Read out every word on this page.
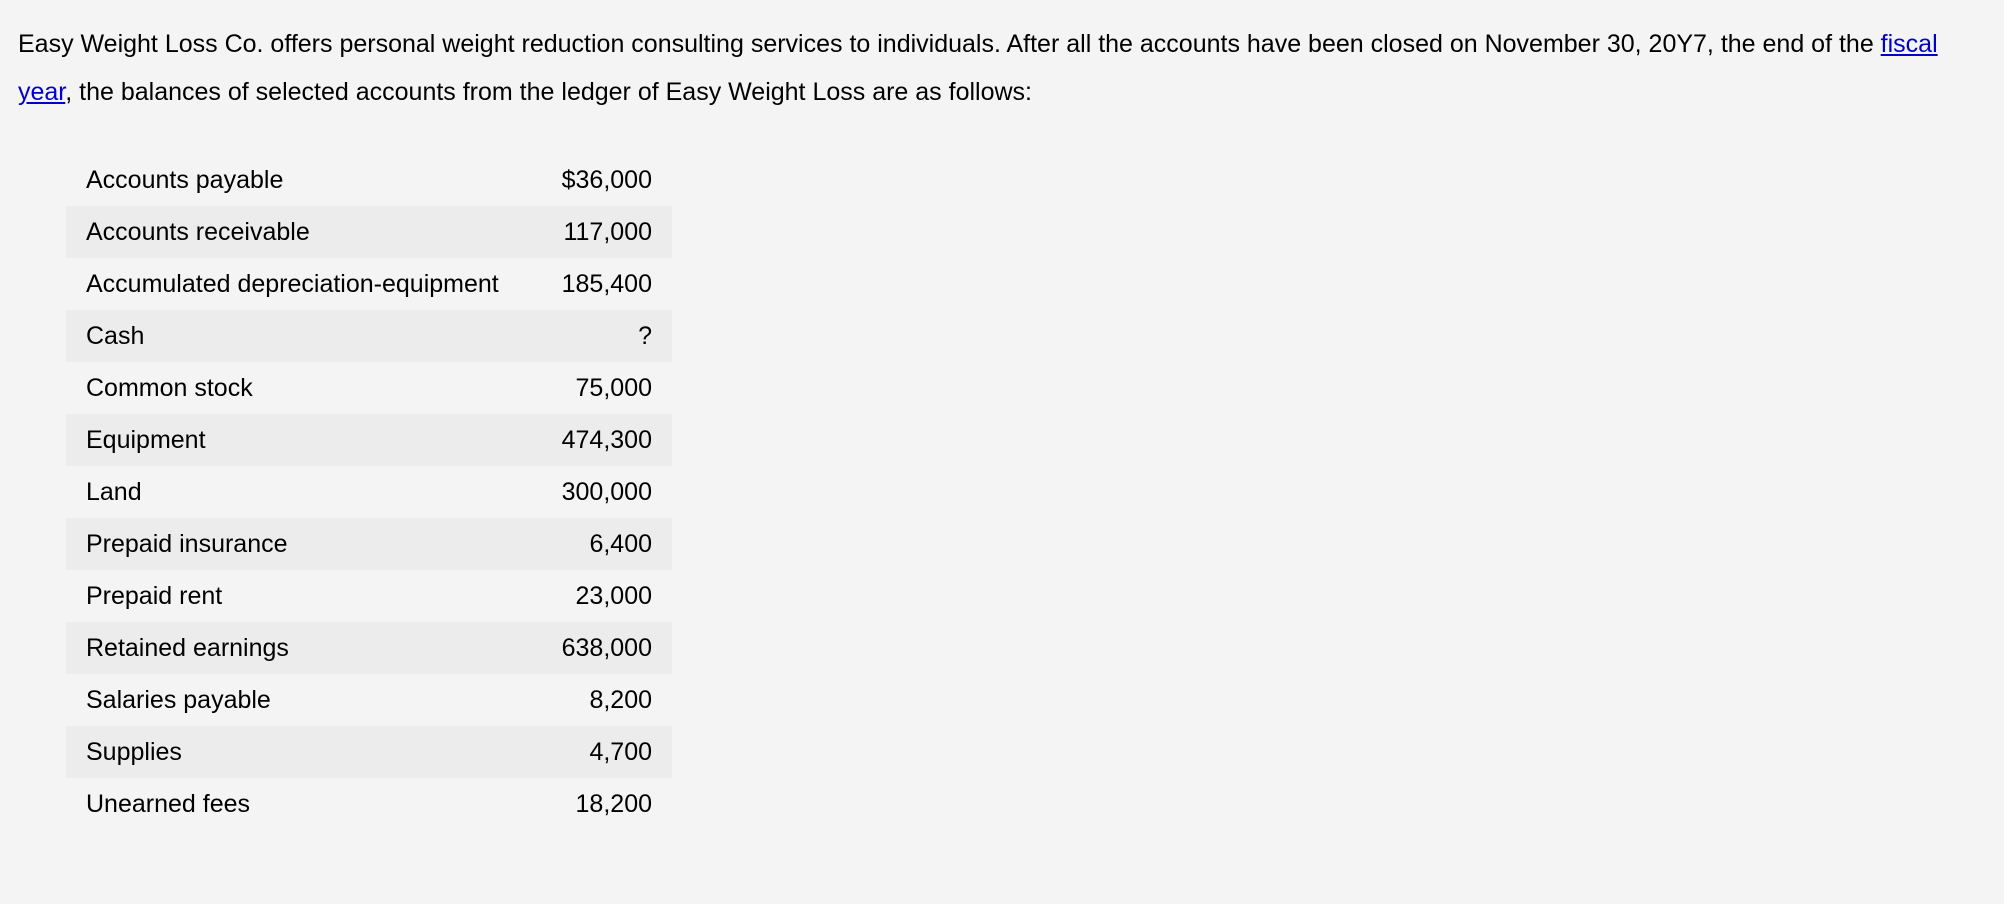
Easy Weight Loss Co. offers personal weight reduction consulting services to individuals. After all the accounts have been closed on November 30, 20Y7, the end of the fiscal year, the balances of selected accounts from the ledger of Easy Weight Loss are as follows:

Accounts payable	$36,000
Accounts receivable	117,000
Accumulated depreciation-equipment	185,400
Cash	?
Common stock	75,000
Equipment	474,300
Land	300,000
Prepaid insurance	6,400
Prepaid rent	23,000
Retained earnings	638,000
Salaries payable	8,200
Supplies	4,700
Unearned fees	18,200
